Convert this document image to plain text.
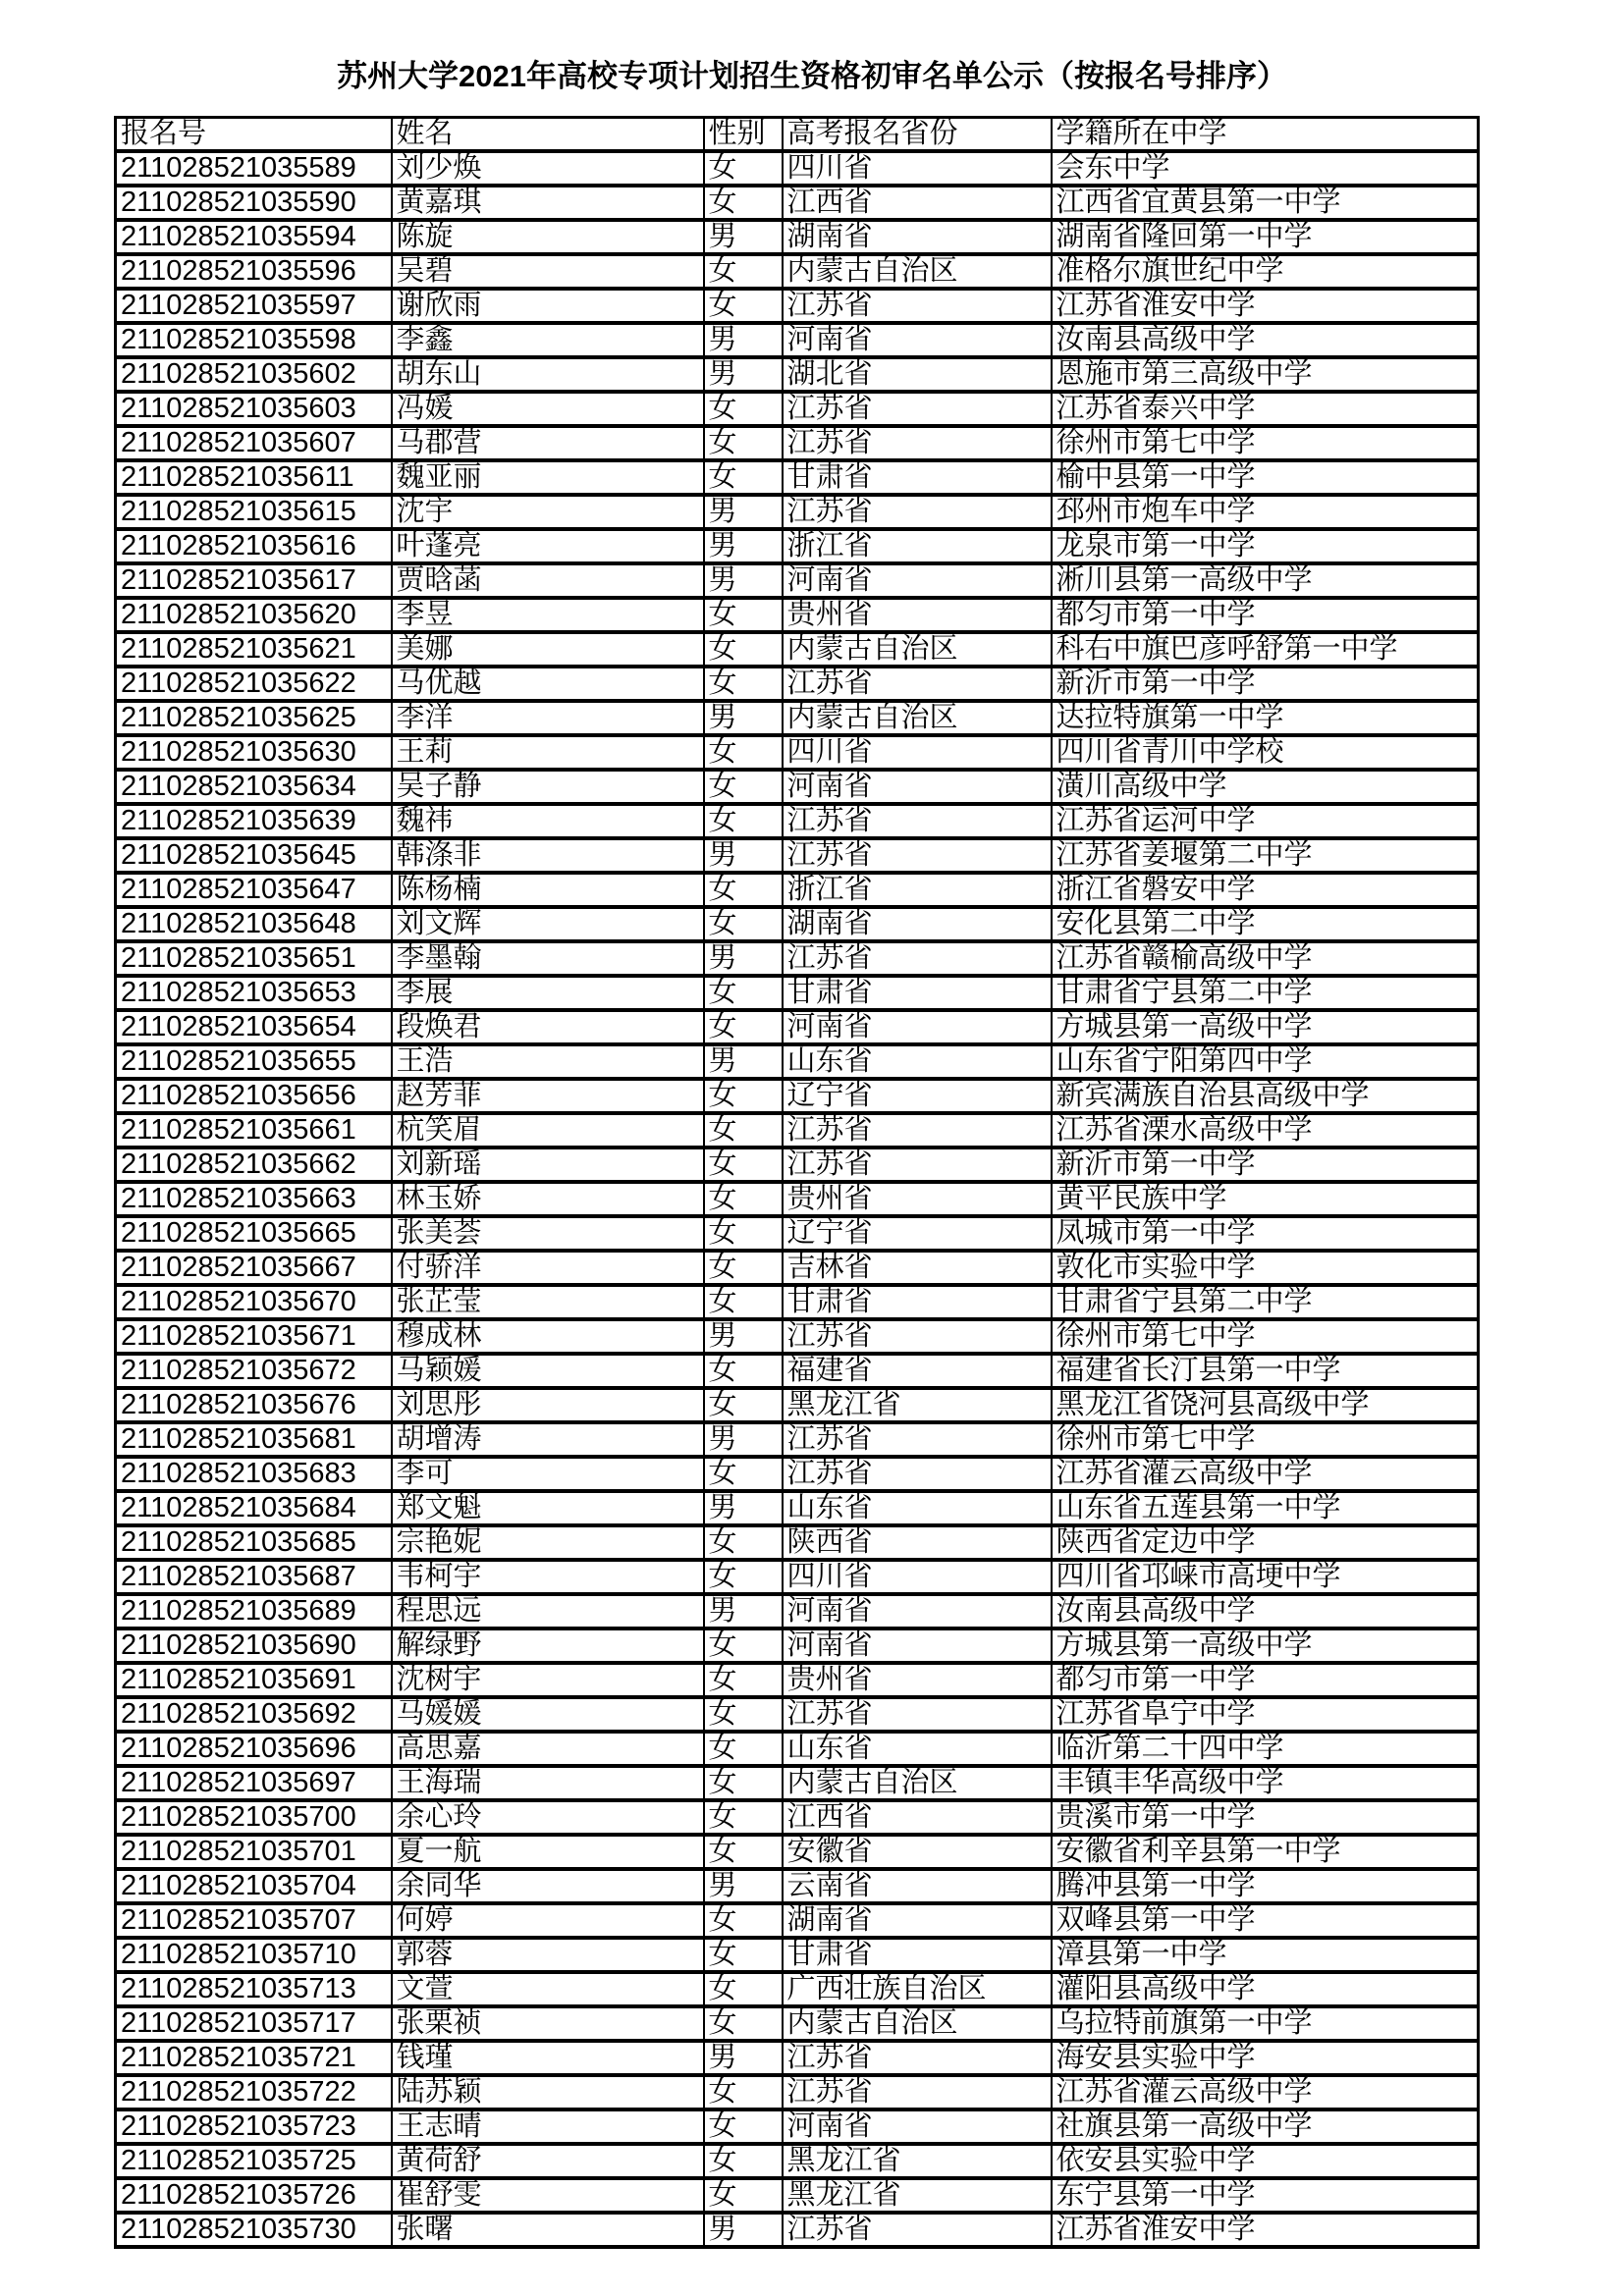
苏州大学2021年高校专项计划招生资格初审名单公示（按报名号排序）
报名号	姓名	性别	高考报名省份	学籍所在中学
211028521035589	刘少焕	女	四川省	会东中学
211028521035590	黄嘉琪	女	江西省	江西省宜黄县第一中学
211028521035594	陈旋	男	湖南省	湖南省隆回第一中学
211028521035596	吴碧	女	内蒙古自治区	准格尔旗世纪中学
211028521035597	谢欣雨	女	江苏省	江苏省淮安中学
211028521035598	李鑫	男	河南省	汝南县高级中学
211028521035602	胡东山	男	湖北省	恩施市第三高级中学
211028521035603	冯媛	女	江苏省	江苏省泰兴中学
211028521035607	马郡营	女	江苏省	徐州市第七中学
211028521035611	魏亚丽	女	甘肃省	榆中县第一中学
211028521035615	沈宇	男	江苏省	邳州市炮车中学
211028521035616	叶蓬亮	男	浙江省	龙泉市第一中学
211028521035617	贾晗菡	男	河南省	淅川县第一高级中学
211028521035620	李昱	女	贵州省	都匀市第一中学
211028521035621	美娜	女	内蒙古自治区	科右中旗巴彦呼舒第一中学
211028521035622	马优越	女	江苏省	新沂市第一中学
211028521035625	李洋	男	内蒙古自治区	达拉特旗第一中学
211028521035630	王莉	女	四川省	四川省青川中学校
211028521035634	吴子静	女	河南省	潢川高级中学
211028521035639	魏祎	女	江苏省	江苏省运河中学
211028521035645	韩涤非	男	江苏省	江苏省姜堰第二中学
211028521035647	陈杨楠	女	浙江省	浙江省磐安中学
211028521035648	刘文辉	女	湖南省	安化县第二中学
211028521035651	李墨翰	男	江苏省	江苏省赣榆高级中学
211028521035653	李展	女	甘肃省	甘肃省宁县第二中学
211028521035654	段焕君	女	河南省	方城县第一高级中学
211028521035655	王浩	男	山东省	山东省宁阳第四中学
211028521035656	赵芳菲	女	辽宁省	新宾满族自治县高级中学
211028521035661	杭笑眉	女	江苏省	江苏省溧水高级中学
211028521035662	刘新瑶	女	江苏省	新沂市第一中学
211028521035663	林玉娇	女	贵州省	黄平民族中学
211028521035665	张美荟	女	辽宁省	凤城市第一中学
211028521035667	付骄洋	女	吉林省	敦化市实验中学
211028521035670	张芷莹	女	甘肃省	甘肃省宁县第二中学
211028521035671	穆成林	男	江苏省	徐州市第七中学
211028521035672	马颖媛	女	福建省	福建省长汀县第一中学
211028521035676	刘思彤	女	黑龙江省	黑龙江省饶河县高级中学
211028521035681	胡增涛	男	江苏省	徐州市第七中学
211028521035683	李可	女	江苏省	江苏省灌云高级中学
211028521035684	郑文魁	男	山东省	山东省五莲县第一中学
211028521035685	宗艳妮	女	陕西省	陕西省定边中学
211028521035687	韦柯宇	女	四川省	四川省邛崃市高埂中学
211028521035689	程思远	男	河南省	汝南县高级中学
211028521035690	解绿野	女	河南省	方城县第一高级中学
211028521035691	沈树宇	女	贵州省	都匀市第一中学
211028521035692	马媛媛	女	江苏省	江苏省阜宁中学
211028521035696	高思嘉	女	山东省	临沂第二十四中学
211028521035697	王海瑞	女	内蒙古自治区	丰镇丰华高级中学
211028521035700	余心玲	女	江西省	贵溪市第一中学
211028521035701	夏一航	女	安徽省	安徽省利辛县第一中学
211028521035704	余同华	男	云南省	腾冲县第一中学
211028521035707	何婷	女	湖南省	双峰县第一中学
211028521035710	郭蓉	女	甘肃省	漳县第一中学
211028521035713	文萱	女	广西壮族自治区	灌阳县高级中学
211028521035717	张栗祯	女	内蒙古自治区	乌拉特前旗第一中学
211028521035721	钱瑾	男	江苏省	海安县实验中学
211028521035722	陆苏颖	女	江苏省	江苏省灌云高级中学
211028521035723	王志晴	女	河南省	社旗县第一高级中学
211028521035725	黄荷舒	女	黑龙江省	依安县实验中学
211028521035726	崔舒雯	女	黑龙江省	东宁县第一中学
211028521035730	张曙	男	江苏省	江苏省淮安中学
